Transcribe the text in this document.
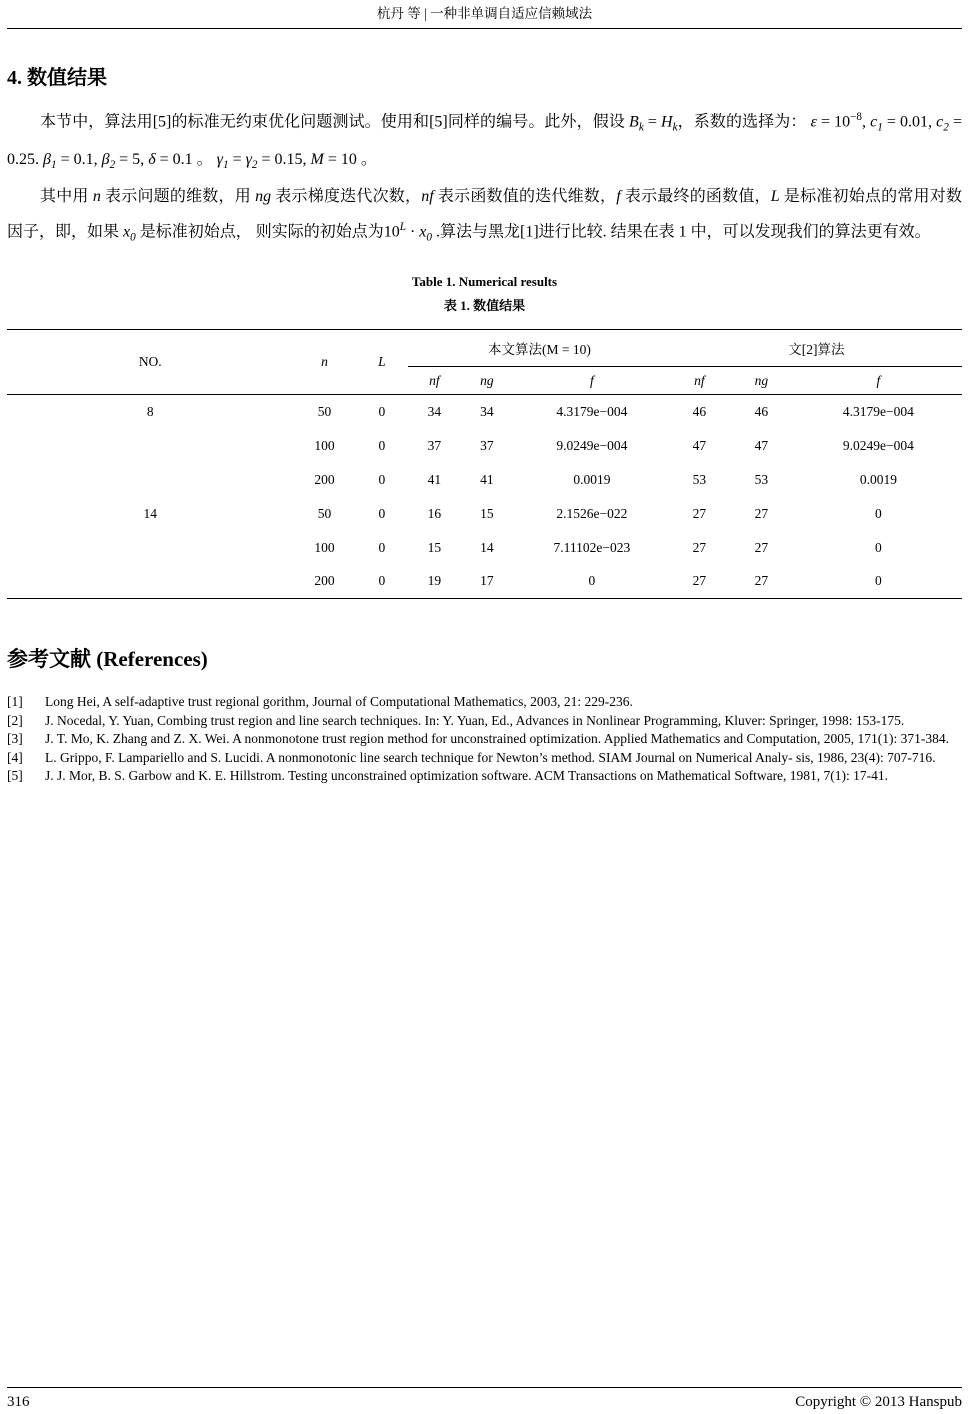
杭丹 等 | 一种非单调自适应信赖域法
4. 数值结果

本节中，算法用[5]的标准无约束优化问题测试。使用和[5]同样的编号。此外，假设 $B_k = H_k$，系数的选择为： $\varepsilon = 10^{-8}$, $c_1 = 0.01$, $c_2 = 0.25$. $\beta_1 = 0.1$, $\beta_2 = 5$, δ = 0.1 。 $\gamma_1 = \gamma_2 = 0.15$, M = 10 。

其中用 n 表示问题的维数，用 ng 表示梯度迭代次数，nf 表示函数值的迭代维数，f 表示最终的函数值，L 是标准初始点的常用对数因子，即，如果 $x_0$ 是标准初始点， 则实际的初始点为$10^L \cdot x_0$ .算法与黑龙[1]进行比较. 结果在表 1 中，可以发现我们的算法更有效。

Table 1. Numerical results
表 1. 数值结果
NO.	n	L	本文算法(M = 10)			文[2]算法		
			nf	ng	f	nf	ng	f
8	50	0	34	34	4.3179e−004	46	46	4.3179e−004
	100	0	37	37	9.0249e−004	47	47	9.0249e−004
	200	0	41	41	0.0019	53	53	0.0019
14	50	0	16	15	2.1526e−022	27	27	0
	100	0	15	14	7.11102e−023	27	27	0
	200	0	19	17	0	27	27	0
参考文献 (References)
[1]	Long Hei, A self-adaptive trust regional gorithm, Journal of Computational Mathematics, 2003, 21: 229-236.
[2]	J. Nocedal, Y. Yuan, Combing trust region and line search techniques. In: Y. Yuan, Ed., Advances in Nonlinear Programming, Kluver: Springer, 1998: 153-175.
[3]	J. T. Mo, K. Zhang and Z. X. Wei. A nonmonotone trust region method for unconstrained optimization. Applied Mathematics and Computation, 2005, 171(1): 371-384.
[4]	L. Grippo, F. Lampariello and S. Lucidi. A nonmonotonic line search technique for Newton’s method. SIAM Journal on Numerical Analy- sis, 1986, 23(4): 707-716.
[5]	J. J. Mor, B. S. Garbow and K. E. Hillstrom. Testing unconstrained optimization software. ACM Transactions on Mathematical Software, 1981, 7(1): 17-41.
316	Copyright © 2013 Hanspub
